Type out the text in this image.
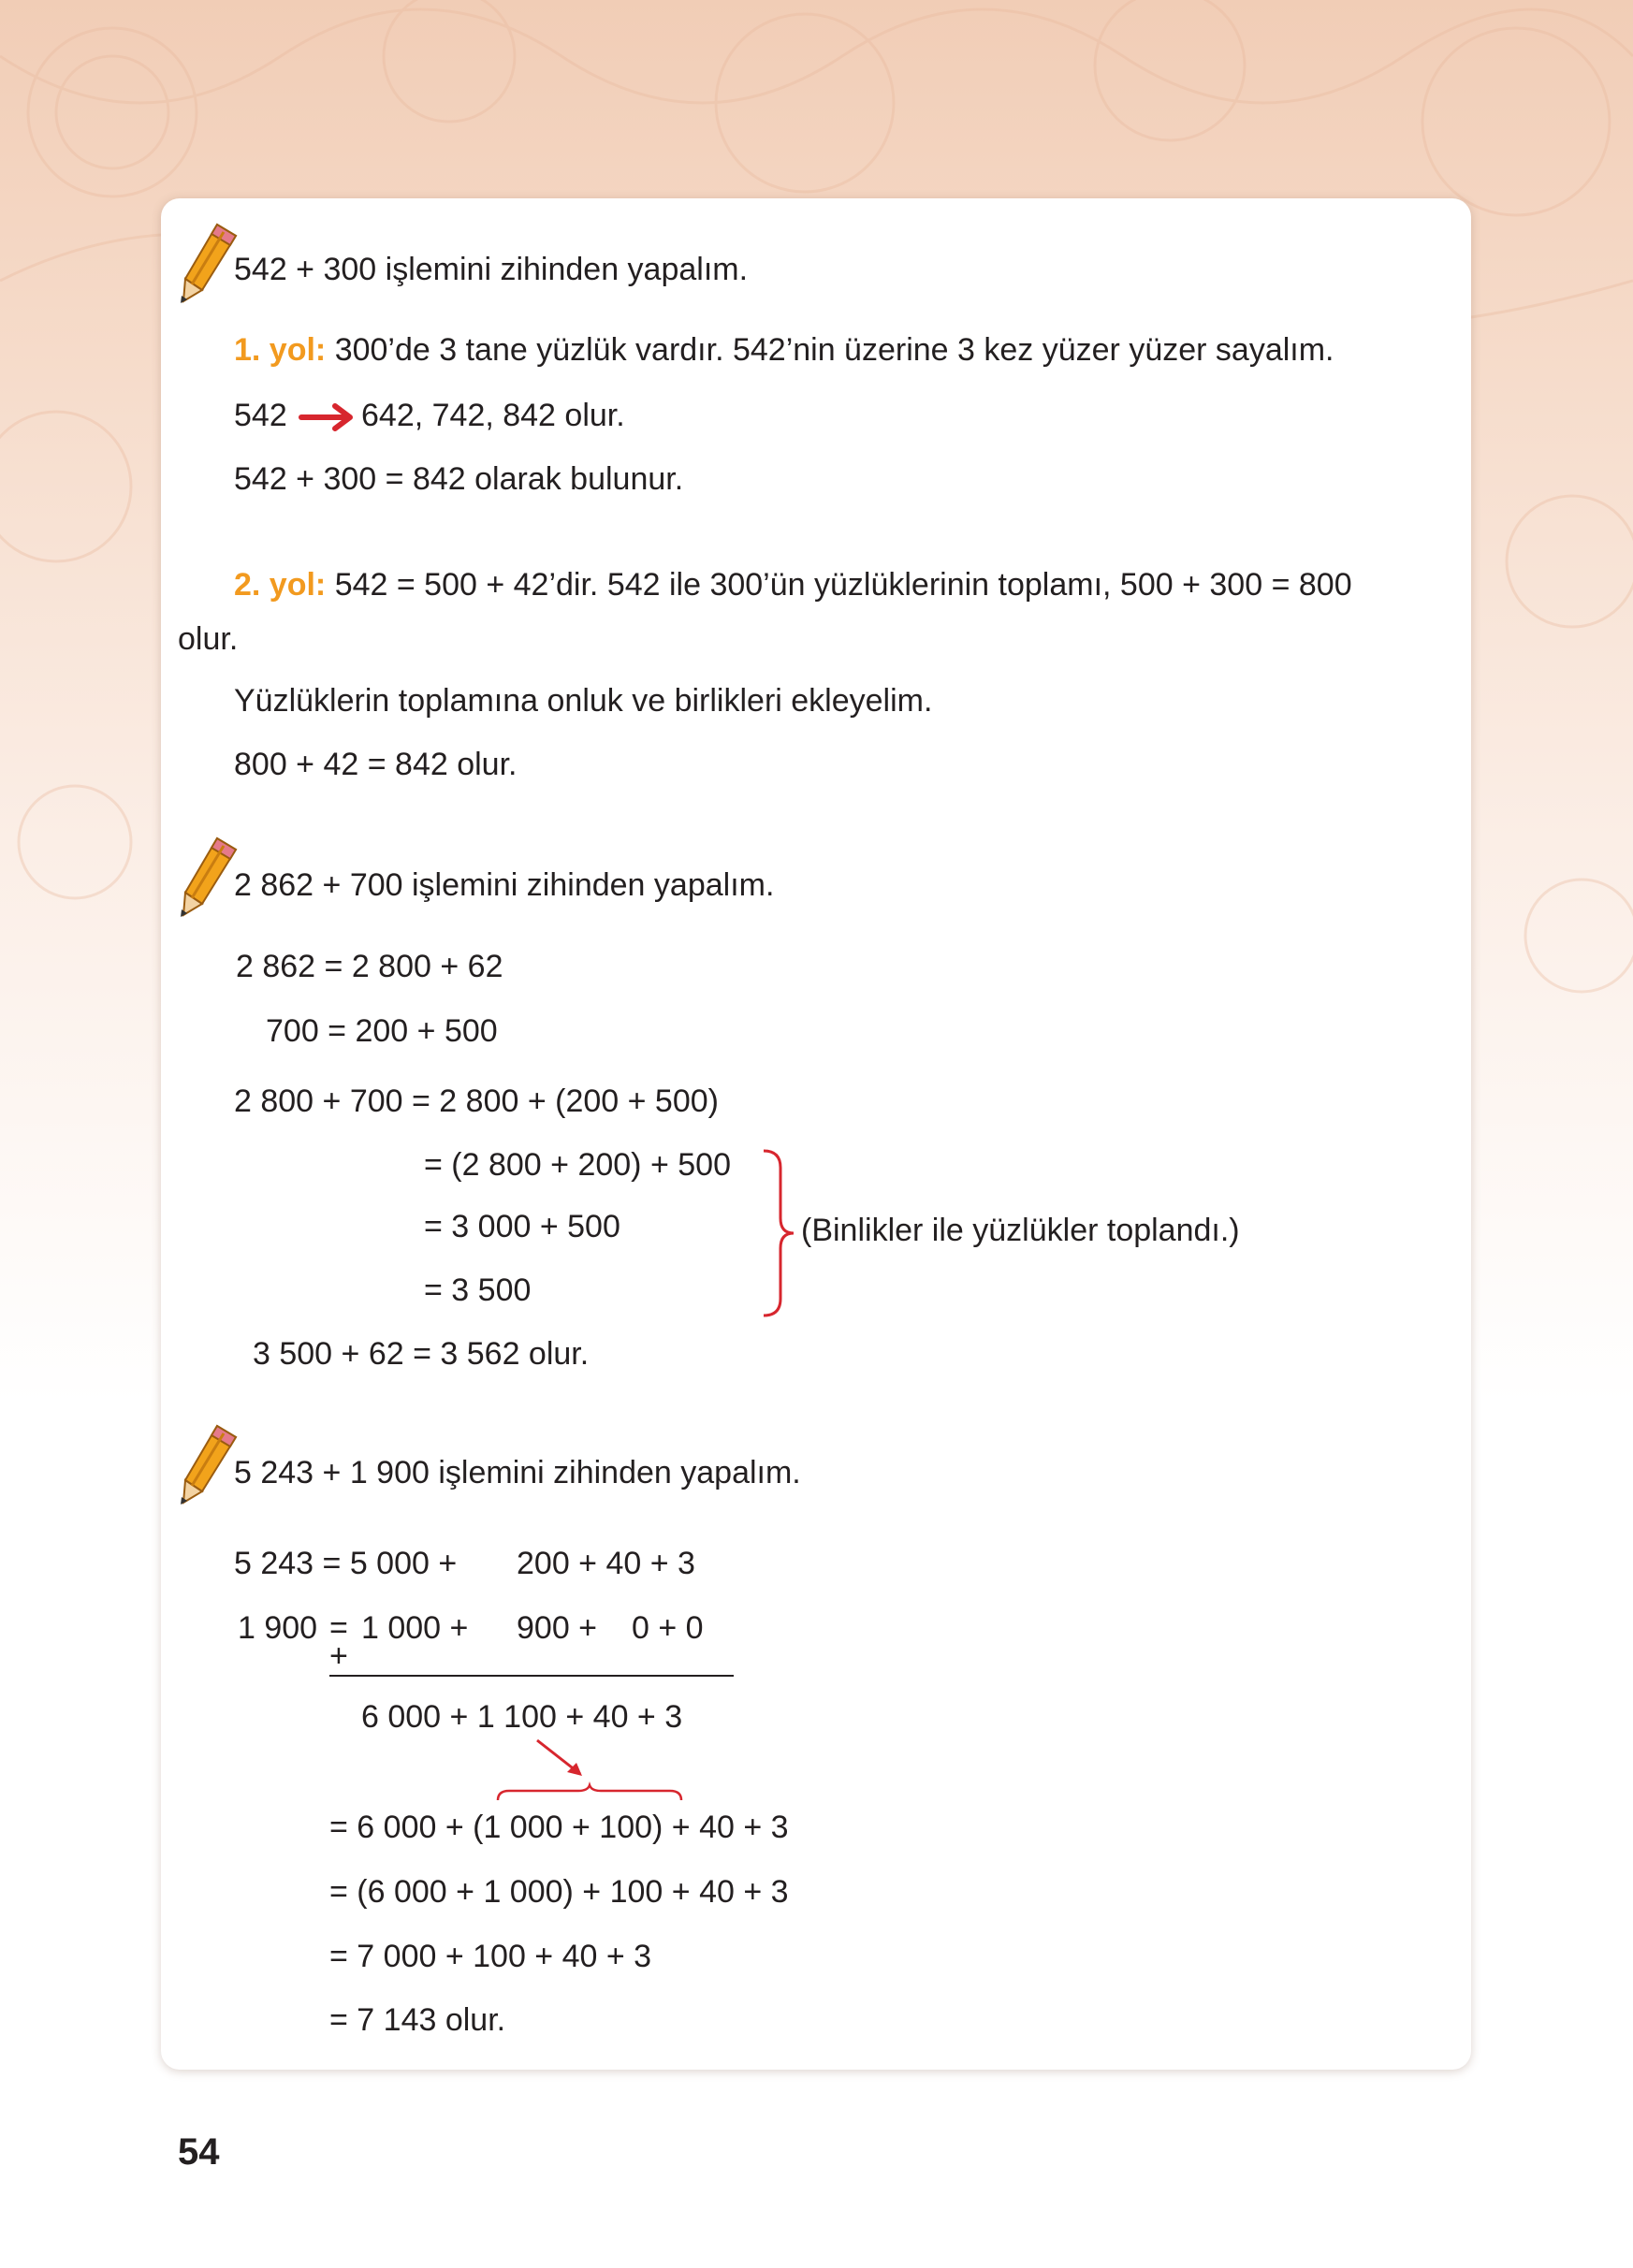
542 + 300 işlemini zihinden yapalım.
1. yol: 300’de 3 tane yüzlük vardır. 542’nin üzerine 3 kez yüzer yüzer sayalım.
542 642, 742, 842 olur.
542 + 300 = 842 olarak bulunur.
2. yol: 542 = 500 + 42’dir. 542 ile 300’ün yüzlüklerinin toplamı, 500 + 300 = 800
olur.
Yüzlüklerin toplamına onluk ve birlikleri ekleyelim.
800 + 42 = 842 olur.
2 862 + 700 işlemini zihinden yapalım.
2 862 = 2 800 + 62
700 = 200 + 500
2 800 + 700 = 2 800 + (200 + 500)
= (2 800 + 200) + 500
= 3 000 + 500
= 3 500
(Binlikler ile yüzlükler toplandı.)
3 500 + 62 = 3 562 olur.
5 243 + 1 900 işlemini zihinden yapalım.
5 243 = 5 000 + 200 + 40 + 3
1 900 = 1 000 + 900 + 0 + 0
+
6 000 + 1 100 + 40 + 3
= 6 000 + (1 000 + 100) + 40 + 3
= (6 000 + 1 000) + 100 + 40 + 3
= 7 000 + 100 + 40 + 3
= 7 143 olur.
54
